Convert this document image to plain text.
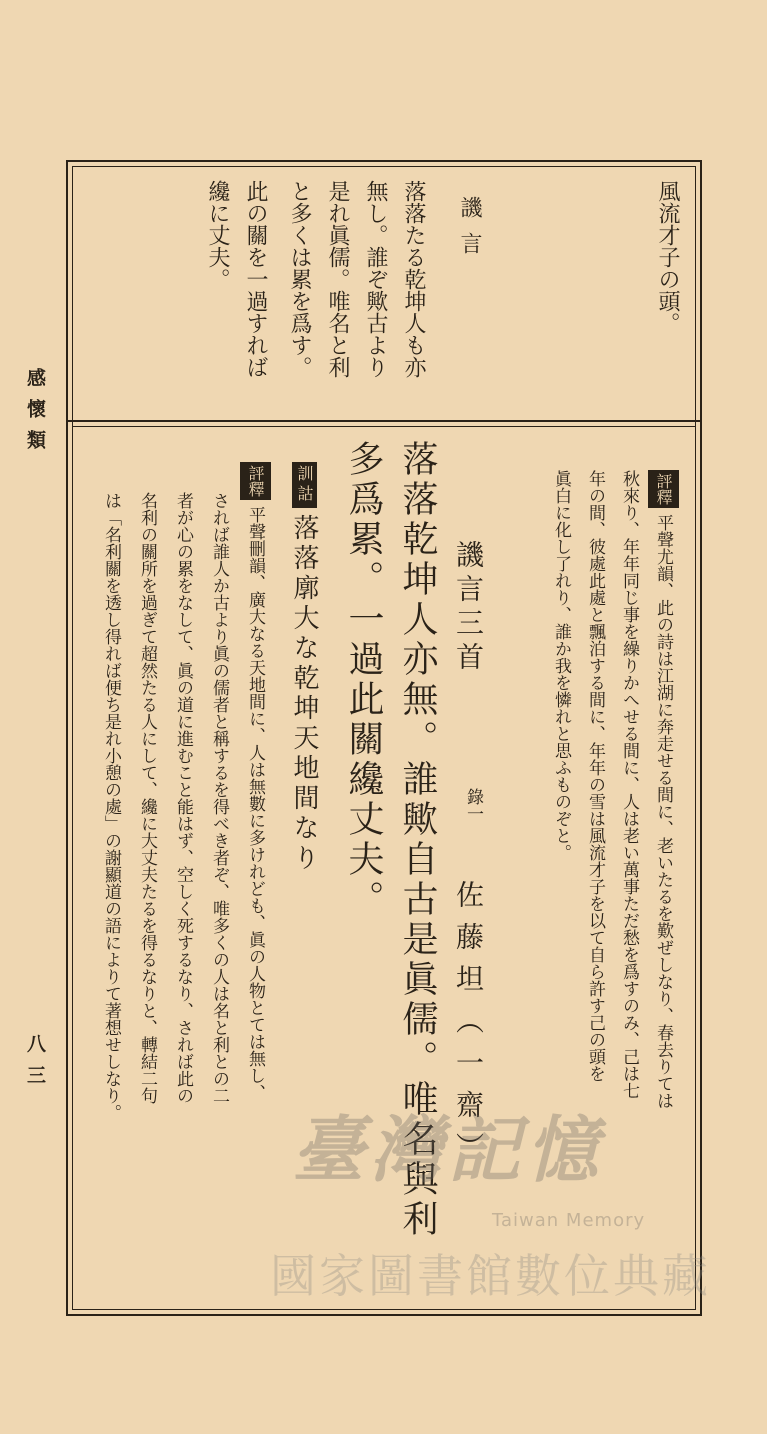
感懷類
八三
風流才子の頭。
譏言
落落たる乾坤人も亦
無し。誰ぞ歟古より
是れ眞儒。唯名と利
と多くは累を爲す。
此の關を一過すれば
纔に丈夫。
評釋平聲尤韻、此の詩は江湖に奔走せる間に、老いたるを歎ぜしなり、春去りては
秋來り、年年同じ事を繰りかへせる間に、人は老い萬事ただ愁を爲すのみ、己は七
年の間、彼處此處と飄泊する間に、年年の雪は風流才子を以て自ら許す己の頭を
眞白に化し了れり、誰か我を憐れと思ふものぞと。
譏言三首
錄一
佐藤坦（一齋）
落落乾坤人亦無。誰歟自古是眞儒。唯名與利
多爲累。一過此關纔丈夫。
訓詁落落廓大な乾坤天地間なり
評釋平聲刪韻、廣大なる天地間に、人は無數に多けれども、眞の人物とては無し、
されば誰人か古より眞の儒者と稱するを得べき者ぞ、唯多くの人は名と利との二
者が心の累をなして、眞の道に進むこと能はず、空しく死するなり、されば此の
名利の關所を過ぎて超然たる人にして、纔に大丈夫たるを得るなりと、轉結二句
は「名利關を透し得れば便ち是れ小憩の處」の謝顯道の語によりて著想せしなり。
臺灣記憶
Taiwan Memory
國家圖書館數位典藏
